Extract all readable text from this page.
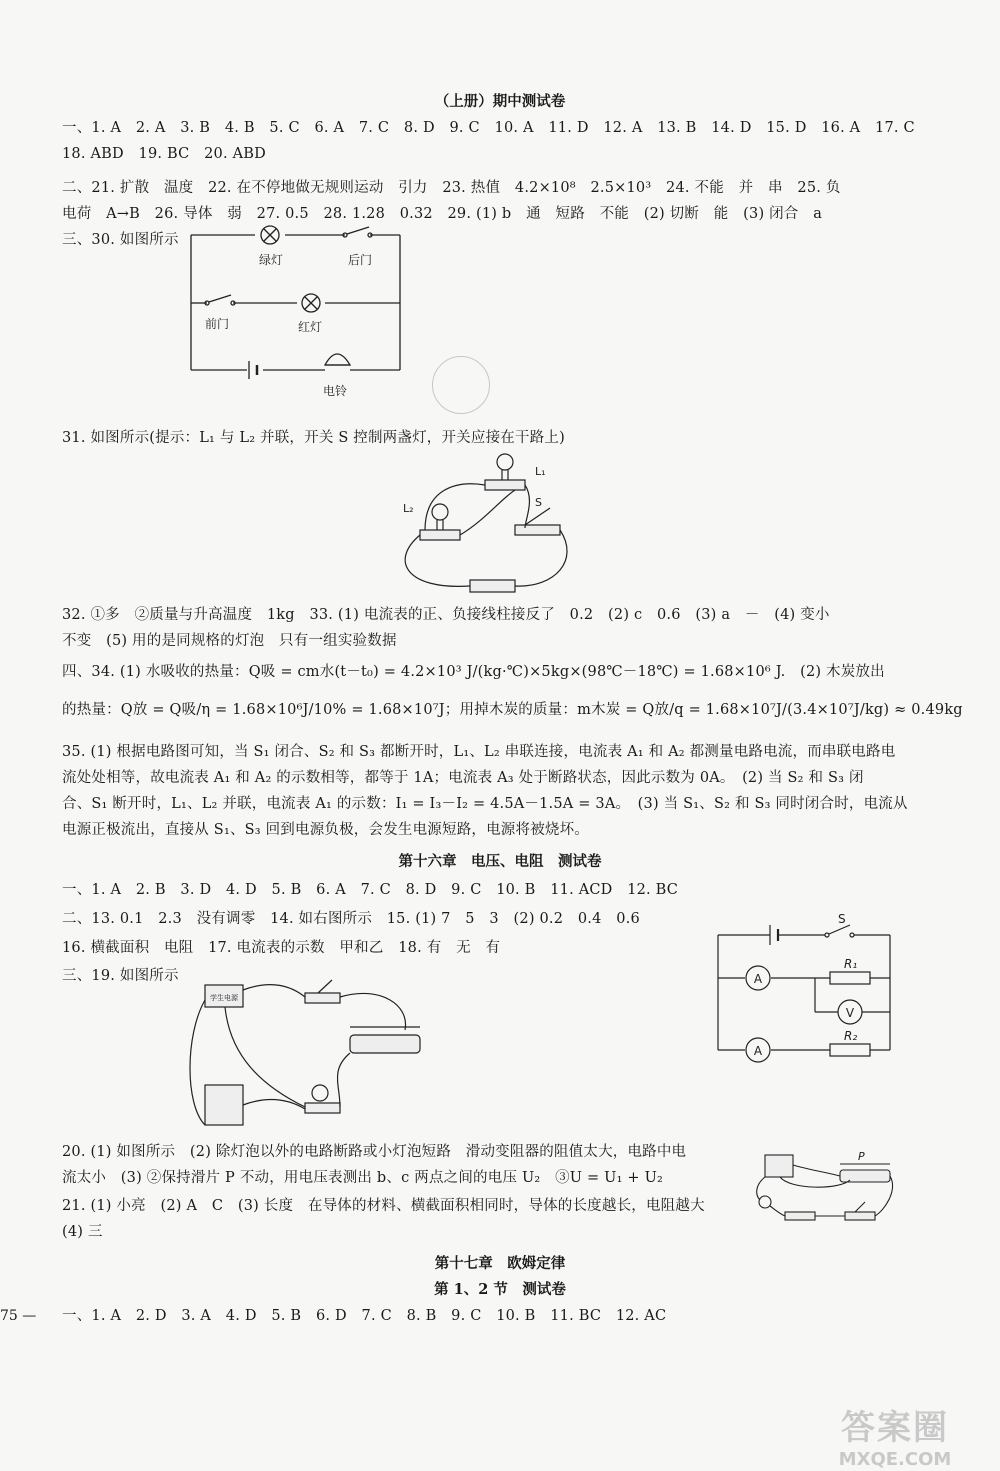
（上册）期中测试卷
一、1. A　2. A　3. B　4. B　5. C　6. A　7. C　8. D　9. C　10. A　11. D　12. A　13. B　14. D　15. D　16. A　17. C
18. ABD　19. BC　20. ABD
二、21. 扩散　温度　22. 在不停地做无规则运动　引力　23. 热值　4.2×10⁸　2.5×10³　24. 不能　并　串　25. 负
电荷　A→B　26. 导体　弱　27. 0.5　28. 1.28　0.32　29. (1) b　通　短路　不能　(2) 切断　能　(3) 闭合　a
三、30. 如图所示
绿灯	后门
前门	红灯
电铃
31. 如图所示(提示：L₁ 与 L₂ 并联，开关 S 控制两盏灯，开关应接在干路上)
L₁
L₂	S
32. ①多　②质量与升高温度　1kg　33. (1) 电流表的正、负接线柱接反了　0.2　(2) c　0.6　(3) a　－　(4) 变小
不变　(5) 用的是同规格的灯泡　只有一组实验数据
四、34. (1) 水吸收的热量：Q吸 = cm水(t－t₀) = 4.2×10³ J/(kg·℃)×5kg×(98℃－18℃) = 1.68×10⁶ J.　(2) 木炭放出
的热量：Q放 = Q吸/η = 1.68×10⁶J/10% = 1.68×10⁷J；用掉木炭的质量：m木炭 = Q放/q = 1.68×10⁷J/(3.4×10⁷J/kg) ≈ 0.49kg
35. (1) 根据电路图可知，当 S₁ 闭合、S₂ 和 S₃ 都断开时，L₁、L₂ 串联连接，电流表 A₁ 和 A₂ 都测量电路电流，而串联电路电
流处处相等，故电流表 A₁ 和 A₂ 的示数相等，都等于 1A；电流表 A₃ 处于断路状态，因此示数为 0A。　(2) 当 S₂ 和 S₃ 闭
合、S₁ 断开时，L₁、L₂ 并联，电流表 A₁ 的示数：I₁ = I₃－I₂ = 4.5A－1.5A = 3A。　(3) 当 S₁、S₂ 和 S₃ 同时闭合时，电流从
电源正极流出，直接从 S₁、S₃ 回到电源负极，会发生电源短路，电源将被烧坏。
第十六章　电压、电阻　测试卷
一、1. A　2. B　3. D　4. D　5. B　6. A　7. C　8. D　9. C　10. B　11. ACD　12. BC
二、13. 0.1　2.3　没有调零　14. 如右图所示　15. (1) 7　5　3　(2) 0.2　0.4　0.6
16. 横截面积　电阻　17. 电流表的示数　甲和乙　18. 有　无　有
三、19. 如图所示
S
A
V
A
R₁
R₂
学生电源
20. (1) 如图所示　(2) 除灯泡以外的电路断路或小灯泡短路　滑动变阻器的阻值太大，电路中电
流太小　(3) ②保持滑片 P 不动，用电压表测出 b、c 两点之间的电压 U₂　③U = U₁ + U₂
21. (1) 小亮　(2) A　C　(3) 长度　在导体的材料、横截面积相同时，导体的长度越长，电阻越大
(4) 三
P
第十七章　欧姆定律
第 1、2 节　测试卷
一、1. A　2. D　3. A　4. D　5. B　6. D　7. C　8. B　9. C　10. B　11. BC　12. AC
75 —
答案圈
MXQE.COM
